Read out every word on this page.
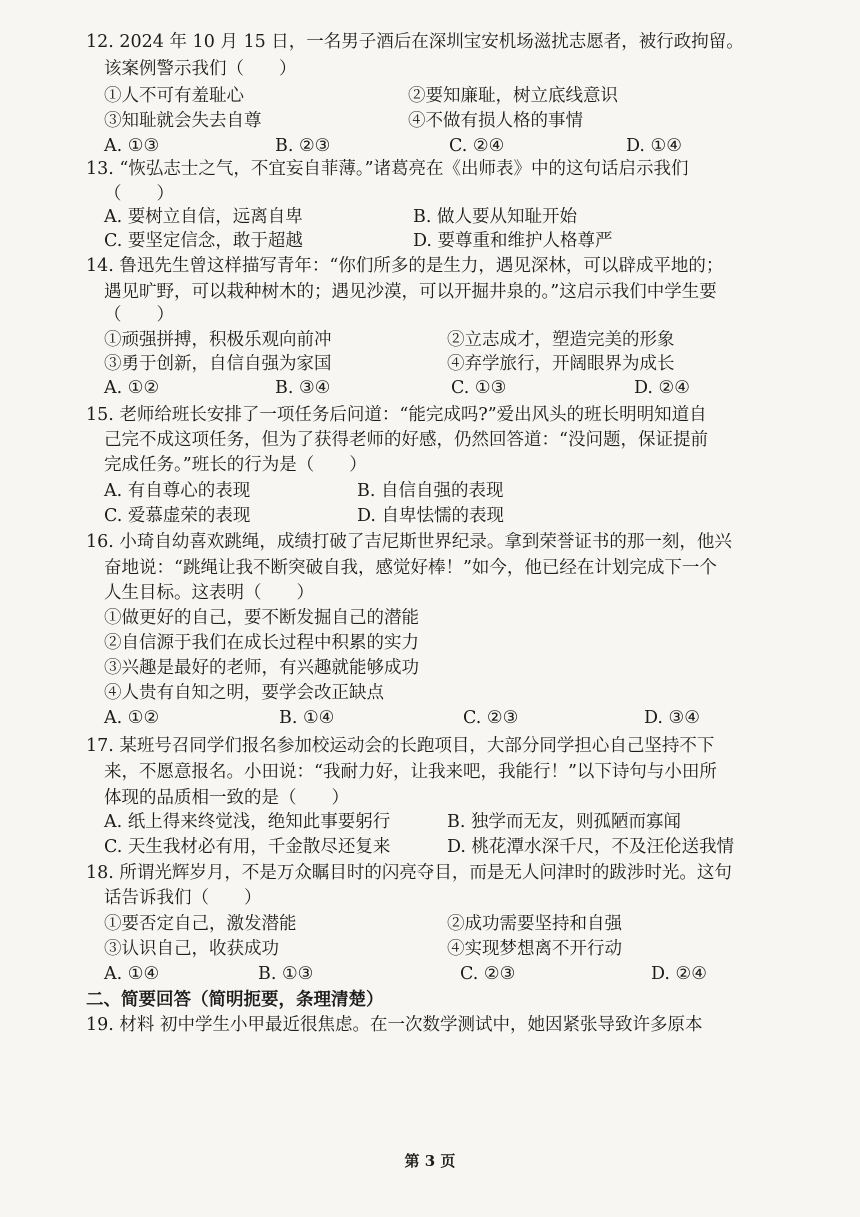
12. 2024 年 10 月 15 日，一名男子酒后在深圳宝安机场滋扰志愿者，被行政拘留。
该案例警示我们（　　）
①人不可有羞耻心	②要知廉耻，树立底线意识
③知耻就会失去自尊	④不做有损人格的事情
A. ①③	B. ②③	C. ②④	D. ①④
13. “恢弘志士之气，不宜妄自菲薄。”诸葛亮在《出师表》中的这句话启示我们
（　　）
A. 要树立自信，远离自卑	B. 做人要从知耻开始
C. 要坚定信念，敢于超越	D. 要尊重和维护人格尊严
14. 鲁迅先生曾这样描写青年：“你们所多的是生力，遇见深林，可以辟成平地的；
遇见旷野，可以栽种树木的；遇见沙漠，可以开掘井泉的。”这启示我们中学生要
（　　）
①顽强拼搏，积极乐观向前冲	②立志成才，塑造完美的形象
③勇于创新，自信自强为家国	④弃学旅行，开阔眼界为成长
A. ①②	B. ③④	C. ①③	D. ②④
15. 老师给班长安排了一项任务后问道：“能完成吗?”爱出风头的班长明明知道自
己完不成这项任务，但为了获得老师的好感，仍然回答道：“没问题，保证提前
完成任务。”班长的行为是（　　）
A. 有自尊心的表现	B. 自信自强的表现
C. 爱慕虚荣的表现	D. 自卑怯懦的表现
16. 小琦自幼喜欢跳绳，成绩打破了吉尼斯世界纪录。拿到荣誉证书的那一刻，他兴
奋地说：“跳绳让我不断突破自我，感觉好棒！”如今，他已经在计划完成下一个
人生目标。这表明（　　）
①做更好的自己，要不断发掘自己的潜能
②自信源于我们在成长过程中积累的实力
③兴趣是最好的老师，有兴趣就能够成功
④人贵有自知之明，要学会改正缺点
A. ①②	B. ①④	C. ②③	D. ③④
17. 某班号召同学们报名参加校运动会的长跑项目，大部分同学担心自己坚持不下
来，不愿意报名。小田说：“我耐力好，让我来吧，我能行！”以下诗句与小田所
体现的品质相一致的是（　　）
A. 纸上得来终觉浅，绝知此事要躬行	B. 独学而无友，则孤陋而寡闻
C. 天生我材必有用，千金散尽还复来	D. 桃花潭水深千尺，不及汪伦送我情
18. 所谓光辉岁月，不是万众瞩目时的闪亮夺目，而是无人问津时的跋涉时光。这句
话告诉我们（　　）
①要否定自己，激发潜能	②成功需要坚持和自强
③认识自己，收获成功	④实现梦想离不开行动
A. ①④	B. ①③	C. ②③	D. ②④
二、简要回答（简明扼要，条理清楚）
19. 材料 初中学生小甲最近很焦虑。在一次数学测试中，她因紧张导致许多原本
第 3 页
